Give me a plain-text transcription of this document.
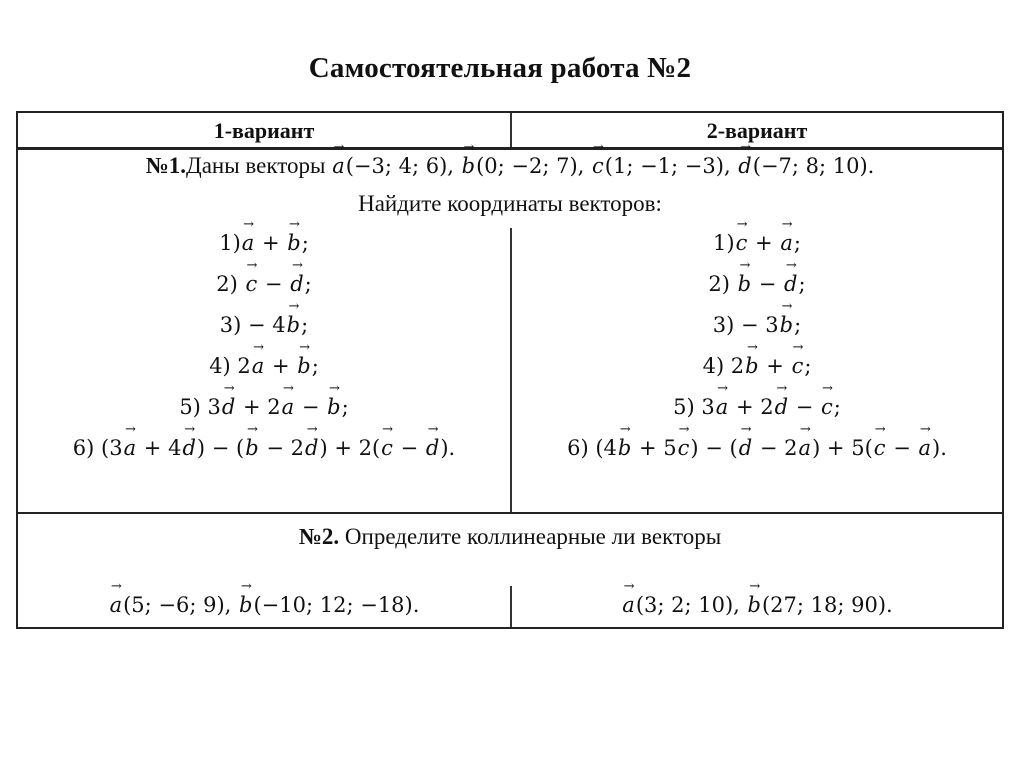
Самостоятельная работа №2
1-вариант	2-вариант
№1.Даны векторы → a(−3; 4; 6), → b(0; −2; 7), → c(1; −1; −3), → d(−7; 8; 10).
Найдите координаты векторов:
1)→ a + → b;
2) → c − → d;
3) − 4→ b;
4) 2→ a + → b;
5) 3→ d + 2→ a − → b;
6) (3→ a + 4→ d) − (→ b − 2→ d) + 2(→ c − → d).
1)→ c + → a;
2) → b − → d;
3) − 3→ b;
4) 2→ b + → c;
5) 3→ a + 2→ d − → c;
6) (4→ b + 5→ c) − (→ d − 2→ a) + 5(→ c − → a).
№2. Определите коллинеарные ли векторы
→ a(5; −6; 9), → b(−10; 12; −18).	→ a(3; 2; 10), → b(27; 18; 90).
